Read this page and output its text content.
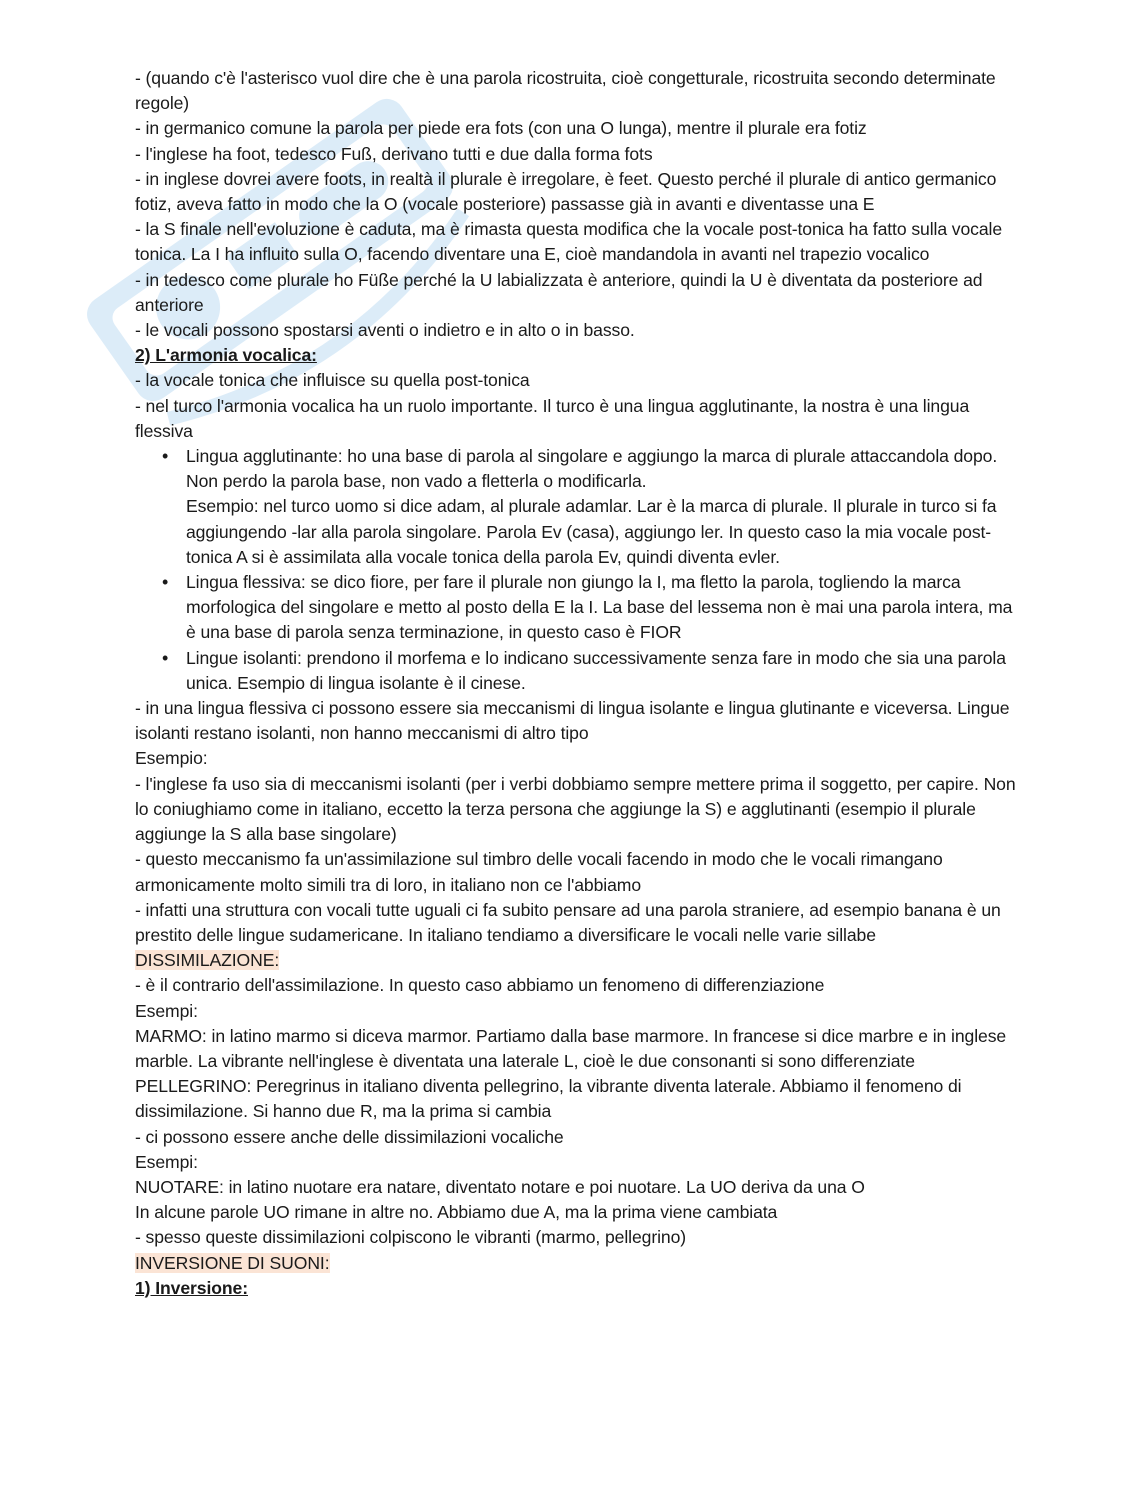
- (quando c'è l'asterisco vuol dire che è una parola ricostruita, cioè congetturale, ricostruita secondo determinate regole)
- in germanico comune la parola per piede era fots (con una O lunga), mentre il plurale era fotiz
- l'inglese ha foot, tedesco Fuß, derivano tutti e due dalla forma fots
- in inglese dovrei avere foots, in realtà il plurale è irregolare, è feet. Questo perché il plurale di antico germanico fotiz, aveva fatto in modo che la O (vocale posteriore) passasse già in avanti e diventasse una E
- la S finale nell'evoluzione è caduta, ma è rimasta questa modifica che la vocale post-tonica ha fatto sulla vocale tonica. La I ha influito sulla O, facendo diventare una E, cioè mandandola in avanti nel trapezio vocalico
- in tedesco come plurale ho Füße perché la U labializzata è anteriore, quindi la U è diventata da posteriore ad anteriore
- le vocali possono spostarsi aventi o indietro e in alto o in basso.
2) L'armonia vocalica:
- la vocale tonica che influisce su quella post-tonica
- nel turco l'armonia vocalica ha un ruolo importante. Il turco è una lingua agglutinante, la nostra è una lingua flessiva
• Lingua agglutinante: ho una base di parola al singolare e aggiungo la marca di plurale attaccandola dopo. Non perdo la parola base, non vado a fletterla o modificarla.
Esempio: nel turco uomo si dice adam, al plurale adamlar. Lar è la marca di plurale. Il plurale in turco si fa aggiungendo -lar alla parola singolare. Parola Ev (casa), aggiungo ler. In questo caso la mia vocale post-tonica A si è assimilata alla vocale tonica della parola Ev, quindi diventa evler.
• Lingua flessiva: se dico fiore, per fare il plurale non giungo la I, ma fletto la parola, togliendo la marca morfologica del singolare e metto al posto della E la I. La base del lessema non è mai una parola intera, ma è una base di parola senza terminazione, in questo caso è FIOR
• Lingue isolanti: prendono il morfema e lo indicano successivamente senza fare in modo che sia una parola unica. Esempio di lingua isolante è il cinese.
- in una lingua flessiva ci possono essere sia meccanismi di lingua isolante e lingua glutinante e viceversa. Lingue isolanti restano isolanti, non hanno meccanismi di altro tipo
Esempio:
- l'inglese fa uso sia di meccanismi isolanti (per i verbi dobbiamo sempre mettere prima il soggetto, per capire. Non lo coniughiamo come in italiano, eccetto la terza persona che aggiunge la S) e agglutinanti (esempio il plurale aggiunge la S alla base singolare)
- questo meccanismo fa un'assimilazione sul timbro delle vocali facendo in modo che le vocali rimangano armonicamente molto simili tra di loro, in italiano non ce l'abbiamo
- infatti una struttura con vocali tutte uguali ci fa subito pensare ad una parola straniere, ad esempio banana è un prestito delle lingue sudamericane. In italiano tendiamo a diversificare le vocali nelle varie sillabe
DISSIMILAZIONE:
- è il contrario dell'assimilazione. In questo caso abbiamo un fenomeno di differenziazione
Esempi:
MARMO: in latino marmo si diceva marmor. Partiamo dalla base marmore. In francese si dice marbre e in inglese marble. La vibrante nell'inglese è diventata una laterale L, cioè le due consonanti si sono differenziate
PELLEGRINO: Peregrinus in italiano diventa pellegrino, la vibrante diventa laterale. Abbiamo il fenomeno di dissimilazione. Si hanno due R, ma la prima si cambia
- ci possono essere anche delle dissimilazioni vocaliche
Esempi:
NUOTARE: in latino nuotare era natare, diventato notare e poi nuotare. La UO deriva da una O
In alcune parole UO rimane in altre no. Abbiamo due A, ma la prima viene cambiata
- spesso queste dissimilazioni colpiscono le vibranti (marmo, pellegrino)
INVERSIONE DI SUONI:
1) Inversione:
